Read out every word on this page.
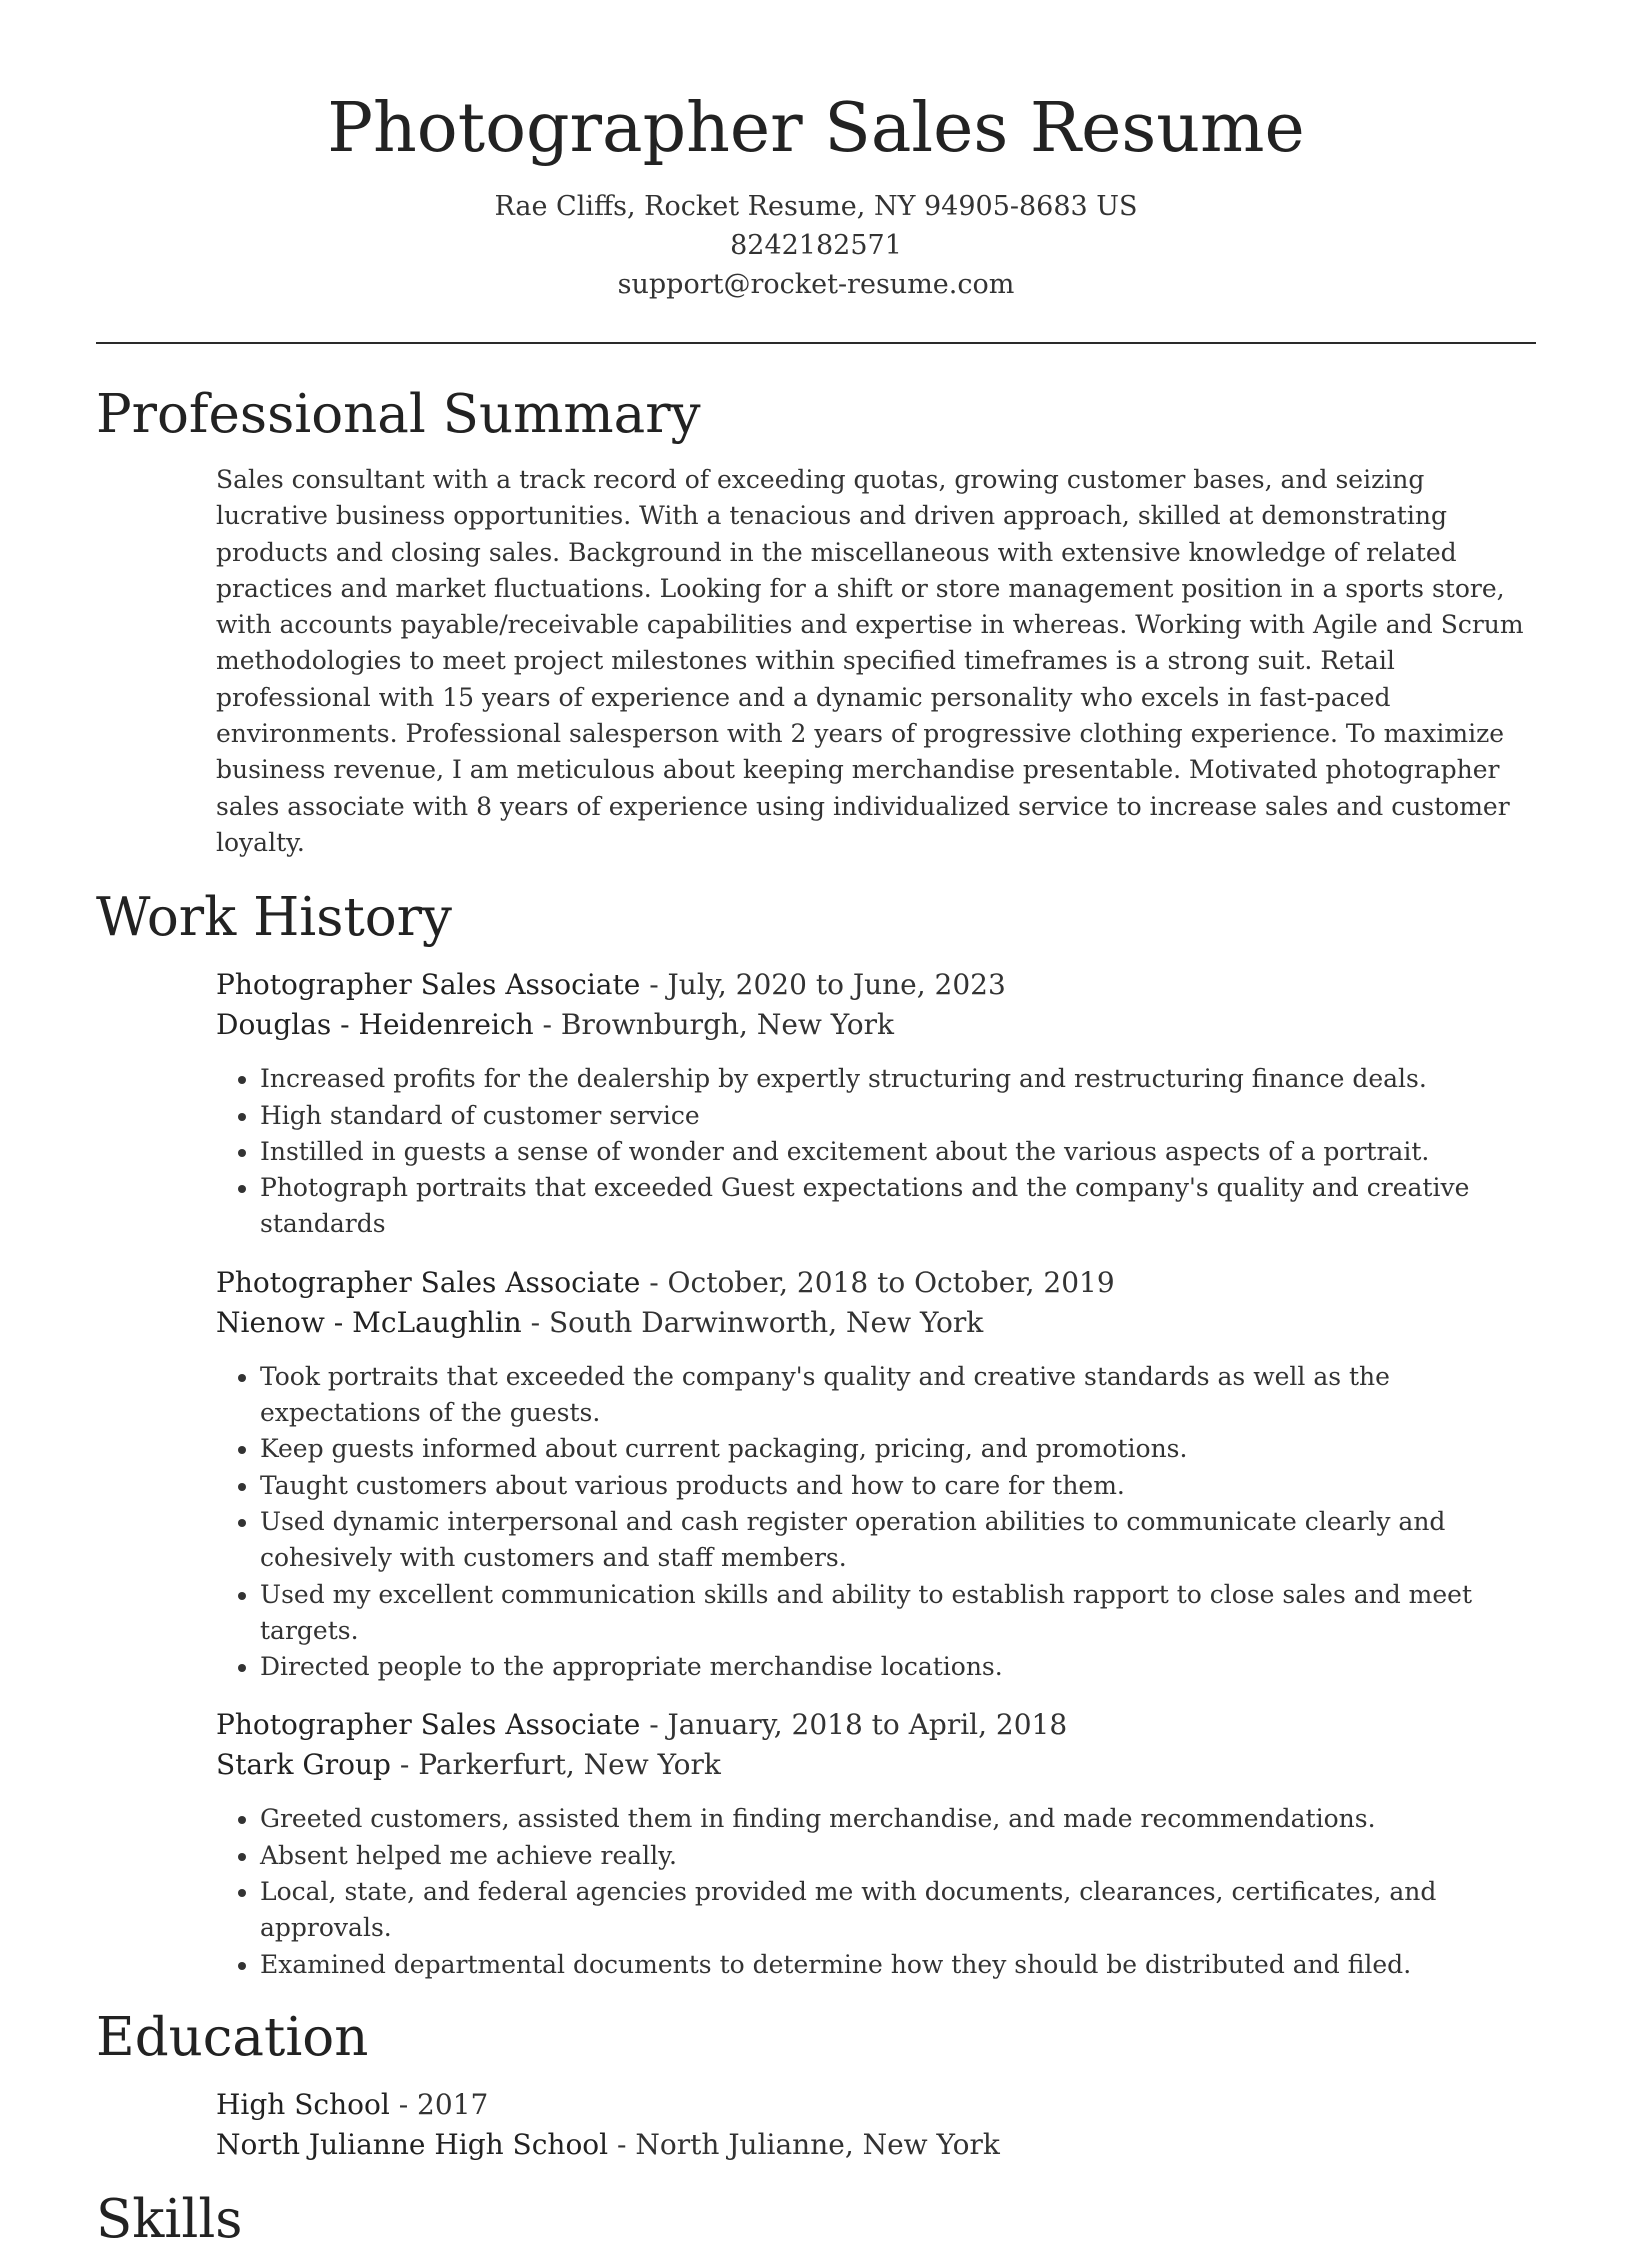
Photographer Sales Resume
Rae Cliffs, Rocket Resume, NY 94905-8683 US
8242182571
support@rocket-resume.com
Professional Summary
Sales consultant with a track record of exceeding quotas, growing customer bases, and seizing lucrative business opportunities. With a tenacious and driven approach, skilled at demonstrating products and closing sales. Background in the miscellaneous with extensive knowledge of related practices and market fluctuations. Looking for a shift or store management position in a sports store, with accounts payable/receivable capabilities and expertise in whereas. Working with Agile and Scrum methodologies to meet project milestones within specified timeframes is a strong suit. Retail professional with 15 years of experience and a dynamic personality who excels in fast-paced environments. Professional salesperson with 2 years of progressive clothing experience. To maximize business revenue, I am meticulous about keeping merchandise presentable. Motivated photographer sales associate with 8 years of experience using individualized service to increase sales and customer loyalty.
Work History
Photographer Sales Associate - July, 2020 to June, 2023
Douglas - Heidenreich - Brownburgh, New York
• Increased profits for the dealership by expertly structuring and restructuring finance deals.
• High standard of customer service
• Instilled in guests a sense of wonder and excitement about the various aspects of a portrait.
• Photograph portraits that exceeded Guest expectations and the company's quality and creative standards
Photographer Sales Associate - October, 2018 to October, 2019
Nienow - McLaughlin - South Darwinworth, New York
• Took portraits that exceeded the company's quality and creative standards as well as the expectations of the guests.
• Keep guests informed about current packaging, pricing, and promotions.
• Taught customers about various products and how to care for them.
• Used dynamic interpersonal and cash register operation abilities to communicate clearly and cohesively with customers and staff members.
• Used my excellent communication skills and ability to establish rapport to close sales and meet targets.
• Directed people to the appropriate merchandise locations.
Photographer Sales Associate - January, 2018 to April, 2018
Stark Group - Parkerfurt, New York
• Greeted customers, assisted them in finding merchandise, and made recommendations.
• Absent helped me achieve really.
• Local, state, and federal agencies provided me with documents, clearances, certificates, and approvals.
• Examined departmental documents to determine how they should be distributed and filed.
Education
High School - 2017
North Julianne High School - North Julianne, New York
Skills
